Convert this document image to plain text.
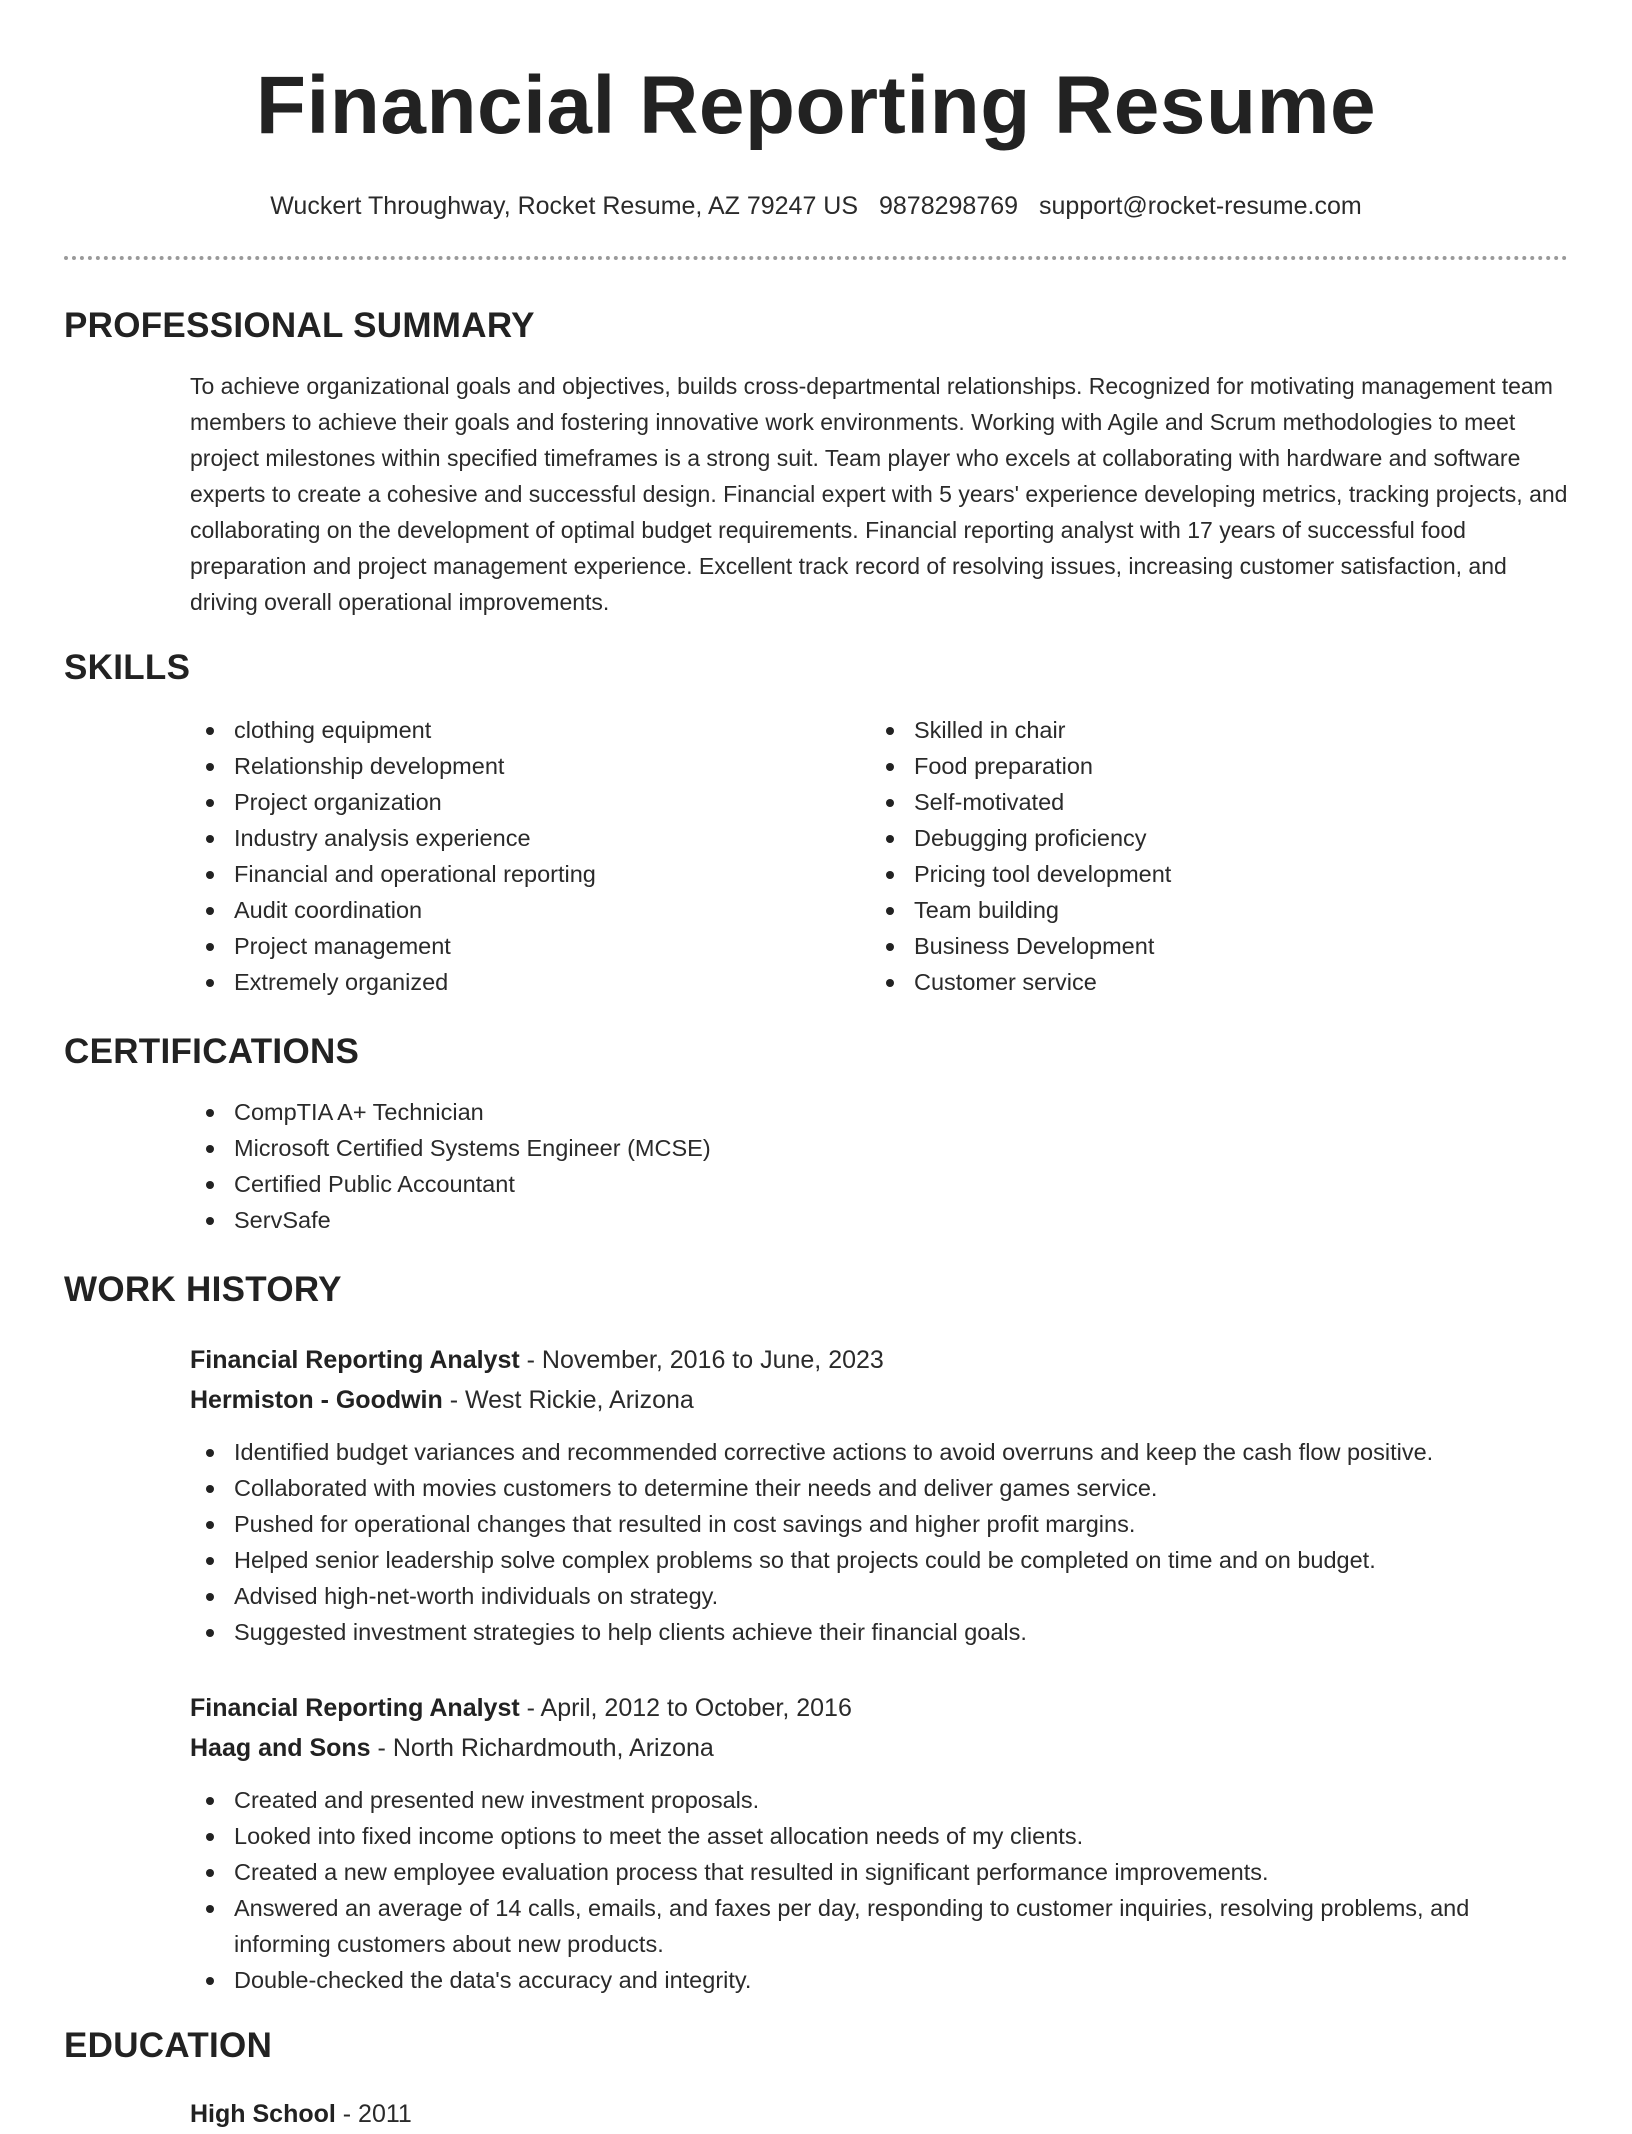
Financial Reporting Resume
Wuckert Throughway, Rocket Resume, AZ 79247 US 9878298769 support@rocket-resume.com
PROFESSIONAL SUMMARY

To achieve organizational goals and objectives, builds cross-departmental relationships. Recognized for motivating management team members to achieve their goals and fostering innovative work environments. Working with Agile and Scrum methodologies to meet project milestones within specified timeframes is a strong suit. Team player who excels at collaborating with hardware and software experts to create a cohesive and successful design. Financial expert with 5 years' experience developing metrics, tracking projects, and collaborating on the development of optimal budget requirements. Financial reporting analyst with 17 years of successful food preparation and project management experience. Excellent track record of resolving issues, increasing customer satisfaction, and driving overall operational improvements.

SKILLS
clothing equipment
Relationship development
Project organization
Industry analysis experience
Financial and operational reporting
Audit coordination
Project management
Extremely organized
Skilled in chair
Food preparation
Self-motivated
Debugging proficiency
Pricing tool development
Team building
Business Development
Customer service
CERTIFICATIONS
CompTIA A+ Technician
Microsoft Certified Systems Engineer (MCSE)
Certified Public Accountant
ServSafe
WORK HISTORY
Financial Reporting Analyst - November, 2016 to June, 2023
Hermiston - Goodwin - West Rickie, Arizona
Identified budget variances and recommended corrective actions to avoid overruns and keep the cash flow positive.
Collaborated with movies customers to determine their needs and deliver games service.
Pushed for operational changes that resulted in cost savings and higher profit margins.
Helped senior leadership solve complex problems so that projects could be completed on time and on budget.
Advised high-net-worth individuals on strategy.
Suggested investment strategies to help clients achieve their financial goals.
Financial Reporting Analyst - April, 2012 to October, 2016
Haag and Sons - North Richardmouth, Arizona
Created and presented new investment proposals.
Looked into fixed income options to meet the asset allocation needs of my clients.
Created a new employee evaluation process that resulted in significant performance improvements.
Answered an average of 14 calls, emails, and faxes per day, responding to customer inquiries, resolving problems, and informing customers about new products.
Double-checked the data's accuracy and integrity.
EDUCATION
High School - 2011
